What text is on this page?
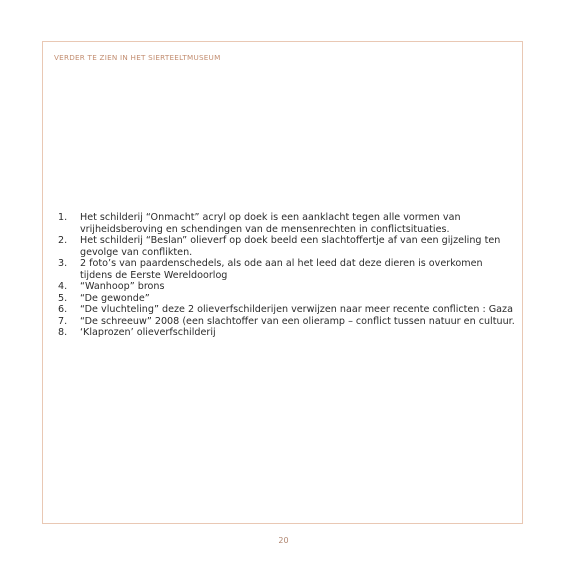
VERDER TE ZIEN IN HET SIERTEELTMUSEUM
1.	Het schilderij “Onmacht” acryl op doek is een aanklacht tegen alle vormen van vrijheidsberoving en schendingen van de mensenrechten in conflictsituaties.
2.	Het schilderij “Beslan” olieverf op doek beeld een slachtoffertje af van een gijzeling ten gevolge van conflikten.
3.	2 foto’s van paardenschedels, als ode aan al het leed dat deze dieren is overkomen tijdens de Eerste Wereldoorlog
4.	“Wanhoop” brons
5.	“De gewonde”
6.	“De vluchteling” deze 2 olieverfschilderijen verwijzen naar meer recente conflicten : Gaza
7.	“De schreeuw” 2008 (een slachtoffer van een olieramp – conflict tussen natuur en cultuur.
8.	‘Klaprozen’ olieverfschilderij
20
